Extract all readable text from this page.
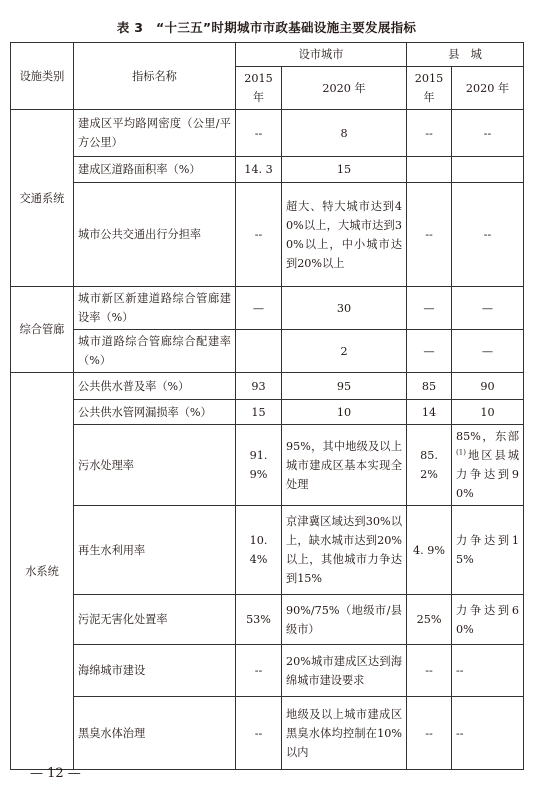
表 3　“十三五”时期城市市政基础设施主要发展指标
设施类别	指标名称	设市城市		县　城	
		2015 年	2020 年	2015 年	2020 年
交通系统	建成区平均路网密度（公里/平方公里）	--	8	--	--
	建成区道路面积率（%）	14. 3	15		
	城市公共交通出行分担率	--	超大、特大城市达到40%以上，大城市达到30%以上，中小城市达到20%以上	--	--
综合管廊	城市新区新建道路综合管廊建设率（%）	—	30	—	—
	城市道路综合管廊综合配建率（%）		2	—	—
水系统	公共供水普及率（%）	93	95	85	90
	公共供水管网漏损率（%）	15	10	14	10
	污水处理率	91. 9%	95%，其中地级及以上城市建成区基本实现全处理	85. 2%	85%，东部$^{(1)}$地区县城力争达到90%
	再生水利用率	10. 4%	京津冀区域达到30%以上，缺水城市达到20%以上，其他城市力争达到15%	4. 9%	力争达到15%
	污泥无害化处置率	53%	90%/75%（地级市/县级市）	25%	力争达到60%
	海绵城市建设	--	20%城市建成区达到海绵城市建设要求	--	--
	黑臭水体治理	--	地级及以上城市建成区黑臭水体均控制在10%以内	--	--
— 12 —
